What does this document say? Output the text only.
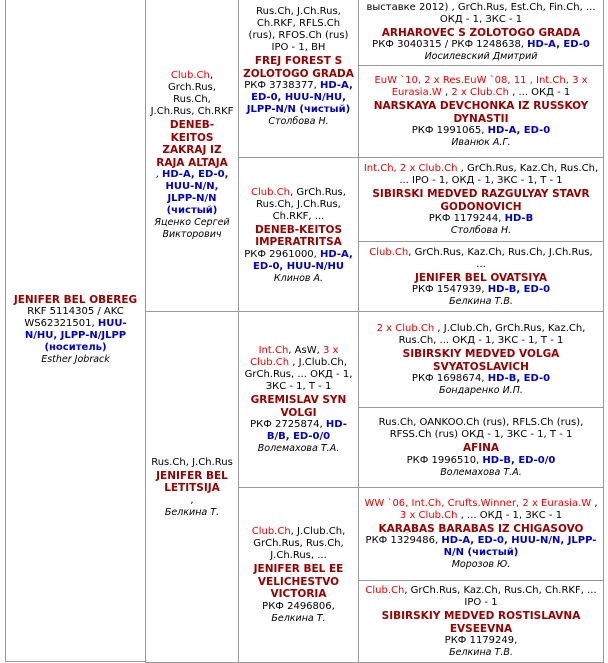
JENIFER BEL OBEREG
RKF 5114305 / AKC WS62321501, HUU-N/HU, JLPP-N/JLPP (носитель)
Esther Jobrack
Club.Ch, Grch.Rus, Rus.Ch, J.Ch.Rus, Ch.RKF
DENEB-KEITOS ZAKRAJ IZ RAJA ALTAJA
, HD-A, ED-0, HUU-N/N, JLPP-N/N (чистый)
Яценко Сергей Викторович
Rus.Ch, J.Ch.Rus
JENIFER BEL LETITSIJA
,
Белкина Т.
Rus.Ch, J.Ch.Rus, Ch.RKF, RFLS.Ch (rus), RFOS.Ch (rus) IPO - 1, BH
FREJ FOREST S ZOLOTOGO GRADA
РКФ 3738377, HD-A, ED-0, HUU-N/HU, JLPP-N/N (чистый)
Столбова Н.
Club.Ch, GrCh.Rus, Rus.Ch, J.Ch.Rus, Ch.RKF, ...
DENEB-KEITOS IMPERATRITSA
РКФ 2961000, HD-A, ED-0, HUU-N/HU
Клинов А.
Int.Ch, AsW, 3 x Club.Ch , J.Club.Ch, GrCh.Rus, ... ОКД - 1, ЗКС - 1, Т - 1
GREMISLAV SYN VOLGI
РКФ 2725874, HD-B/B, ED-0/0
Волемахова Т.А.
Club.Ch, J.Club.Ch, GrCh.Rus, Rus.Ch, J.Ch.Rus, ...
JENIFER BEL EE VELICHESTVO VICTORIA
РКФ 2496806,
Белкина Т.
выставке 2012) , GrCh.Rus, Est.Ch, Fin.Ch, ... ОКД - 1, ЗКС - 1
ARHAROVEC S ZOLOTOGO GRADA
РКФ 3040315 / РКФ 1248638, HD-A, ED-0
Иосилевский Дмитрий
EuW `10, 2 x Res.EuW `08, 11 , Int.Ch, 3 x Eurasia.W , 2 x Club.Ch , ... ОКД - 1
NARSKAYA DEVCHONKA IZ RUSSKOY DYNASTII
РКФ 1991065, HD-A, ED-0
Иванюк А.Г.
Int.Ch, 2 x Club.Ch , GrCh.Rus, Kaz.Ch, Rus.Ch, ... IPO - 1, ОКД - 1, ЗКС - 1, Т - 1
SIBIRSKI MEDVED RAZGULYAY STAVR GODONOVICH
РКФ 1179244, HD-B
Столбова Н.
Club.Ch, GrCh.Rus, Kaz.Ch, Rus.Ch, J.Ch.Rus, ...
JENIFER BEL OVATSIYA
РКФ 1547939, HD-B, ED-0
Белкина Т.В.
2 x Club.Ch , J.Club.Ch, GrCh.Rus, Kaz.Ch, Rus.Ch, ... ОКД - 1, ЗКС - 1, Т - 1
SIBIRSKIY MEDVED VOLGA SVYATOSLAVICH
РКФ 1698674, HD-B, ED-0
Бондаренко И.П.
Rus.Ch, OANKOO.Ch (rus), RFLS.Ch (rus), RFSS.Ch (rus) ОКД - 1, ЗКС - 1, Т - 1
AFINA
РКФ 1996510, HD-B, ED-0/0
Волемахова Т.А.
WW `06, Int.Ch, Crufts.Winner, 2 x Eurasia.W , 3 x Club.Ch , ... ОКД - 1, ЗКС - 1
KARABAS BARABAS IZ CHIGASOVO
РКФ 1329486, HD-A, ED-0, HUU-N/N, JLPP-N/N (чистый)
Морозов Ю.
Club.Ch, GrCh.Rus, Kaz.Ch, Rus.Ch, Ch.RKF, ... IPO - 1
SIBIRSKIY MEDVED ROSTISLAVNA EVSEEVNA
РКФ 1179249,
Белкина Т.В.
